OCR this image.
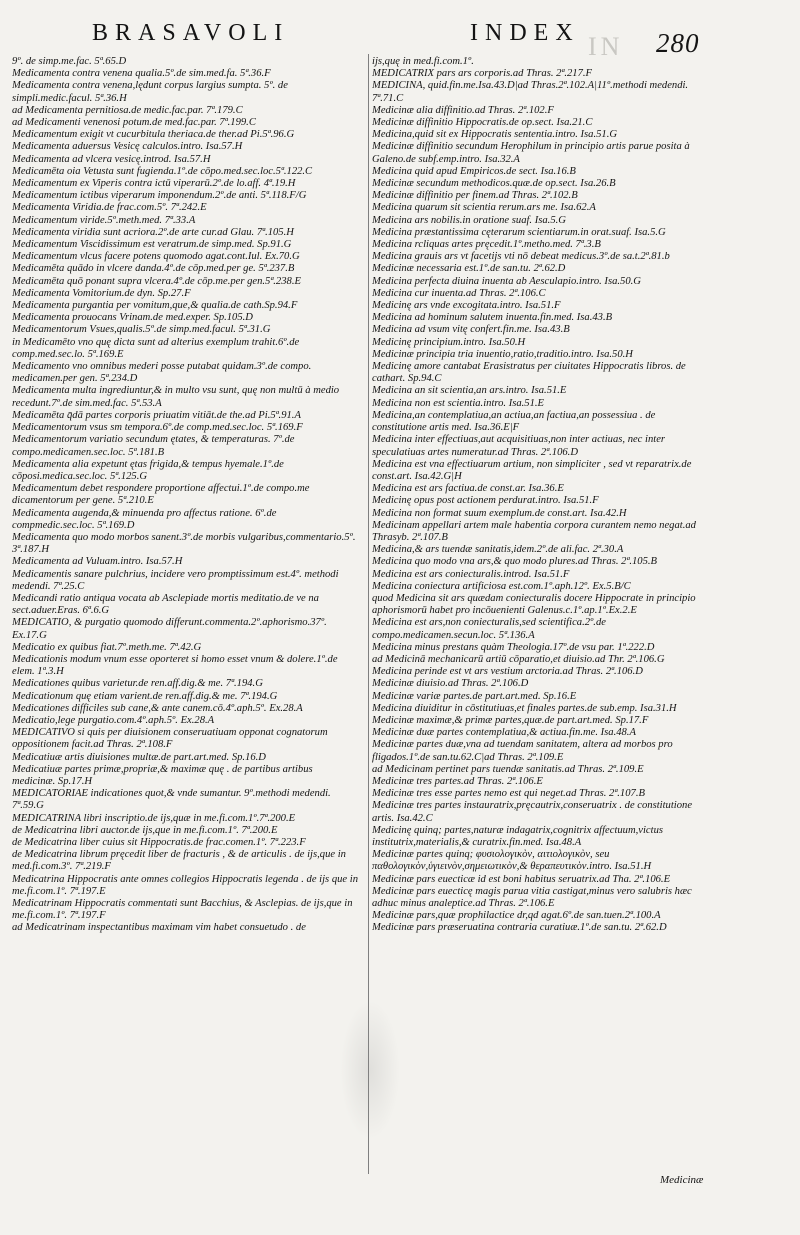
BRASAVOLI	INDEX IN 280
9º. de simp.me.fac. 5ª.65.D
Medicamenta contra venena qualia.5º.de sim.med.fa. 5ª.36.F
Medicamenta contra venena,lędunt corpus largius sumpta. 5º. de simpli.medic.facul. 5ª.36.H
ad Medicamenta pernitiosa.de medic.fac.par. 7ª.179.C
ad Medicamenti venenosi potum.de med.fac.par. 7ª.199.C
Medicamentum exigit vt cucurbitula theriaca.de ther.ad Pi.5ª.96.G
Medicamenta aduersus Vesicę calculos.intro. Isa.57.H
Medicamenta ad vlcera vesicę.introd. Isa.57.H
Medicamēta oia Vetusta sunt fugienda.1º.de cōpo.med.sec.loc.5ª.122.C
Medicamentum ex Viperis contra ictū viperarū.2º.de lo.aff. 4ª.19.H
Medicamentum ictibus viperarum imponendum.2º.de anti. 5ª.118.F/G
Medicamenta Viridia.de frac.com.5º. 7ª.242.E
Medicamentum viride.5º.meth.med. 7ª.33.A
Medicamenta viridia sunt acriora.2º.de arte cur.ad Glau. 7ª.105.H
Medicamentum Viscidissimum est veratrum.de simp.med. Sp.91.G
Medicamentum vlcus facere potens quomodo agat.cont.Iul. Ex.70.G
Medicamēta quādo in vlcere danda.4º.de cōp.med.per ge. 5ª.237.B
Medicamēta quō ponant supra vlcera.4º.de cōp.me.per gen.5ª.238.E
Medicamenta Vomitorium.de dyn. Sp.27.F
Medicamenta purgantia per vomitum,que,& qualia.de cath.Sp.94.F
Medicamenta prouocans Vrinam.de med.exper. Sp.105.D
Medicamentorum Vsues,qualis.5º.de simp.med.facul. 5ª.31.G
in Medicamēto vno quę dicta sunt ad alterius exemplum trahit.6º.de comp.med.sec.lo. 5ª.169.E
Medicamento vno omnibus mederi posse putabat quidam.3º.de compo. medicamen.per gen. 5ª.234.D
Medicamenta multa ingrediuntur,& in multo vsu sunt, quę non multū à medio recedunt.7º.de sim.med.fac. 5ª.53.A
Medicamēta q̄dā partes corporis priuatim vitiāt.de the.ad Pi.5ª.91.A
Medicamentorum vsus sm tempora.6º.de comp.med.sec.loc. 5ª.169.F
Medicamentorum variatio secundum ętates, & temperaturas. 7º.de compo.medicamen.sec.loc. 5ª.181.B
Medicamenta alia expetunt ętas frigida,& tempus hyemale.1º.de cōposi.medica.sec.loc. 5ª.125.G
Medicamentum debet respondere proportione affectui.1º.de compo.me dicamentorum per gene. 5ª.210.E
Medicamenta augenda,& minuenda pro affectus ratione. 6º.de compmedic.sec.loc. 5ª.169.D
Medicamenta quo modo morbos sanent.3º.de morbis vulgaribus,commentario.5º. 3ª.187.H
Medicamenta ad Vuluam.intro. Isa.57.H
Medicamentis sanare pulchrius, incidere vero promptissimum est.4º. methodi medendi. 7ª.25.C
Medicandi ratio antiqua vocata ab Asclepiade mortis meditatio.de ve na sect.aduer.Eras. 6ª.6.G
MEDICATIO, & purgatio quomodo differunt.commenta.2º.aphorismo.37º. Ex.17.G
Medicatio ex quibus fiat.7º.meth.me. 7ª.42.G
Medicationis modum vnum esse oporteret si homo esset vnum & dolere.1º.de elem. 1ª.3.H
Medicationes quibus varietur.de ren.aff.dig.& me. 7ª.194.G
Medicationum quę etiam varient.de ren.aff.dig.& me. 7ª.194.G
Medicationes difficiles sub cane,& ante canem.cō.4º.aph.5º. Ex.28.A
Medicatio,lege purgatio.com.4º.aph.5º. Ex.28.A
MEDICATIVO si quis per diuisionem conseruatiuam opponat cognatorum oppositionem facit.ad Thras. 2ª.108.F
Medicatiuæ artis diuisiones multæ.de part.art.med. Sp.16.D
Medicatiuæ partes primæ,propriæ,& maximæ quę . de partibus artibus medicinæ. Sp.17.H
MEDICATORIAE indicationes quot,& vnde sumantur. 9º.methodi medendi. 7ª.59.G
MEDICATRINA libri inscriptio.de ijs,quæ in me.fi.com.1º.7ª.200.E
de Medicatrina libri auctor.de ijs,que in me.fi.com.1º. 7ª.200.E
de Medicatrina liber cuius sit Hippocratis.de frac.comen.1º. 7ª.223.F
de Medicatrina librum pręcedit liber de fracturis , & de articulis . de ijs,que in med.fi.com.3º. 7ª.219.F
Medicatrina Hippocratis ante omnes collegios Hippocratis legenda . de ijs que in me.fi.com.1º. 7ª.197.E
Medicatrinam Hippocratis commentati sunt Bacchius, & Asclepias. de ijs,que in me.fi.com.1º. 7ª.197.F
ad Medicatrinam inspectantibus maximam vim habet consuetudo . de
ijs,quę in med.fi.com.1º.
MEDICATRIX pars ars corporis.ad Thras. 2ª.217.F
MEDICINA, quid.fin.me.Isa.43.D|ad Thras.2ª.102.A|11º.methodi medendi. 7ª.71.C
Medicinæ alia diffinitio.ad Thras. 2ª.102.F
Medicinæ diffinitio Hippocratis.de op.sect. Isa.21.C
Medicina,quid sit ex Hippocratis sententia.intro. Isa.51.G
Medicinæ diffinitio secundum Herophilum in principio artis parue posita à Galeno.de subf.emp.intro. Isa.32.A
Medicina quid apud Empiricos.de sect. Isa.16.B
Medicinæ secundum methodicos.quæ.de op.sect. Isa.26.B
Medicinæ diffinitio per finem.ad Thras. 2ª.102.B
Medicina quarum sit scientia rerum.ars me. Isa.62.A
Medicina ars nobilis.in oratione suaf. Isa.5.G
Medicina præstantissima cęterarum scientiarum.in orat.suaf. Isa.5.G
Medicina rcliquas artes pręcedit.1º.metho.med. 7ª.3.B
Medicina grauis ars vt facetijs vti nō debeat medicus.3º.de sa.t.2ª.81.b
Medicinæ necessaria est.1º.de san.tu. 2ª.62.D
Medicina perfecta diuina inuenta ab Aesculapio.intro. Isa.50.G
Medicina cur inuenta.ad Thras. 2ª.106.C
Medicinę ars vnde excogitata.intro. Isa.51.F
Medicina ad hominum salutem inuenta.fin.med. Isa.43.B
Medicina ad vsum vitę confert.fin.me. Isa.43.B
Medicinę principium.intro. Isa.50.H
Medicinæ principia tria inuentio,ratio,traditio.intro. Isa.50.H
Medicinę amore cantabat Erasistratus per ciuitates Hippocratis libros. de cathart. Sp.94.C
Medicina an sit scientia,an ars.intro. Isa.51.E
Medicina non est scientia.intro. Isa.51.E
Medicina,an contemplatiua,an actiua,an factiua,an possessiua . de constitutione artis med. Isa.36.E|F
Medicina inter effectiuas,aut acquisitiuas,non inter actiuas, nec inter speculatiuas artes numeratur.ad Thras. 2ª.106.D
Medicina est vna effectiuarum artium, non simpliciter , sed vt reparatrix.de const.art. Isa.42.G|H
Medicina est ars factiua.de const.ar. Isa.36.E
Medicinę opus post actionem perdurat.intro. Isa.51.F
Medicina non format suum exemplum.de const.art. Isa.42.H
Medicinam appellari artem male habentia corpora curantem nemo negat.ad Thrasyb. 2ª.107.B
Medicina,& ars tuendæ sanitatis,idem.2º.de ali.fac. 2ª.30.A
Medicina quo modo vna ars,& quo modo plures.ad Thras. 2ª.105.B
Medicina est ars coniecturalis.introd. Isa.51.F
Medicina coniectura artificiosa est.com.1º.aph.12º. Ex.5.B/C
quod Medicina sit ars quædam coniecturalis docere Hippocrate in principio aphorismorū habet pro incōuenienti Galenus.c.1º.ap.1º.Ex.2.E
Medicina est ars,non coniecturalis,sed scientifica.2º.de compo.medicamen.secun.loc. 5ª.136.A
Medicina minus prestans quàm Theologia.17º.de vsu par. 1ª.222.D
ad Medicinā mechanicarū artiū cōparatio,et diuisio.ad Thr. 2ª.106.G
Medicina perinde est vt ars vestium arctoria.ad Thras. 2ª.106.D
Medicinæ diuisio.ad Thras. 2ª.106.D
Medicinæ variæ partes.de part.art.med. Sp.16.E
Medicina diuiditur in cōstitutiuas,et finales partes.de sub.emp. Isa.31.H
Medicinæ maximæ,& primæ partes,quæ.de part.art.med. Sp.17.F
Medicinæ duæ partes contemplatiua,& actiua.fin.me. Isa.48.A
Medicinæ partes duæ,vna ad tuendam sanitatem, altera ad morbos pro fligados.1º.de san.tu.62.C|ad Thras. 2ª.109.E
ad Medicinam pertinet pars tuendæ sanitatis.ad Thras. 2ª.109.E
Medicinæ tres partes.ad Thras. 2ª.106.E
Medicinæ tres esse partes nemo est qui neget.ad Thras. 2ª.107.B
Medicinæ tres partes instauratrix,pręcautrix,conseruatrix . de constitutione artis. Isa.42.C
Medicinę quinq; partes,naturæ indagatrix,cognitrix affectuum,victus institutrix,materialis,& curatrix.fin.med. Isa.48.A
Medicinæ partes quinq; φυσιολογικὸν, αιτιολογικὸν, seu παθολογικὸν,ὑγιεινὸν,σημειωτικὸν,& θεραπευτικὸν.intro. Isa.51.H
Medicinæ pars euecticæ id est boni habitus seruatrix.ad Tha. 2ª.106.E
Medicinæ pars euecticę magis parua vitia castigat,minus vero salubris hæc adhuc minus analeptice.ad Thras. 2ª.106.E
Medicinæ pars,quæ prophilactice dr,qd agat.6º.de san.tuen.2ª.100.A
Medicinæ pars præseruatina contraria curatiuæ.1º.de san.tu. 2ª.62.D
Medicinæ
